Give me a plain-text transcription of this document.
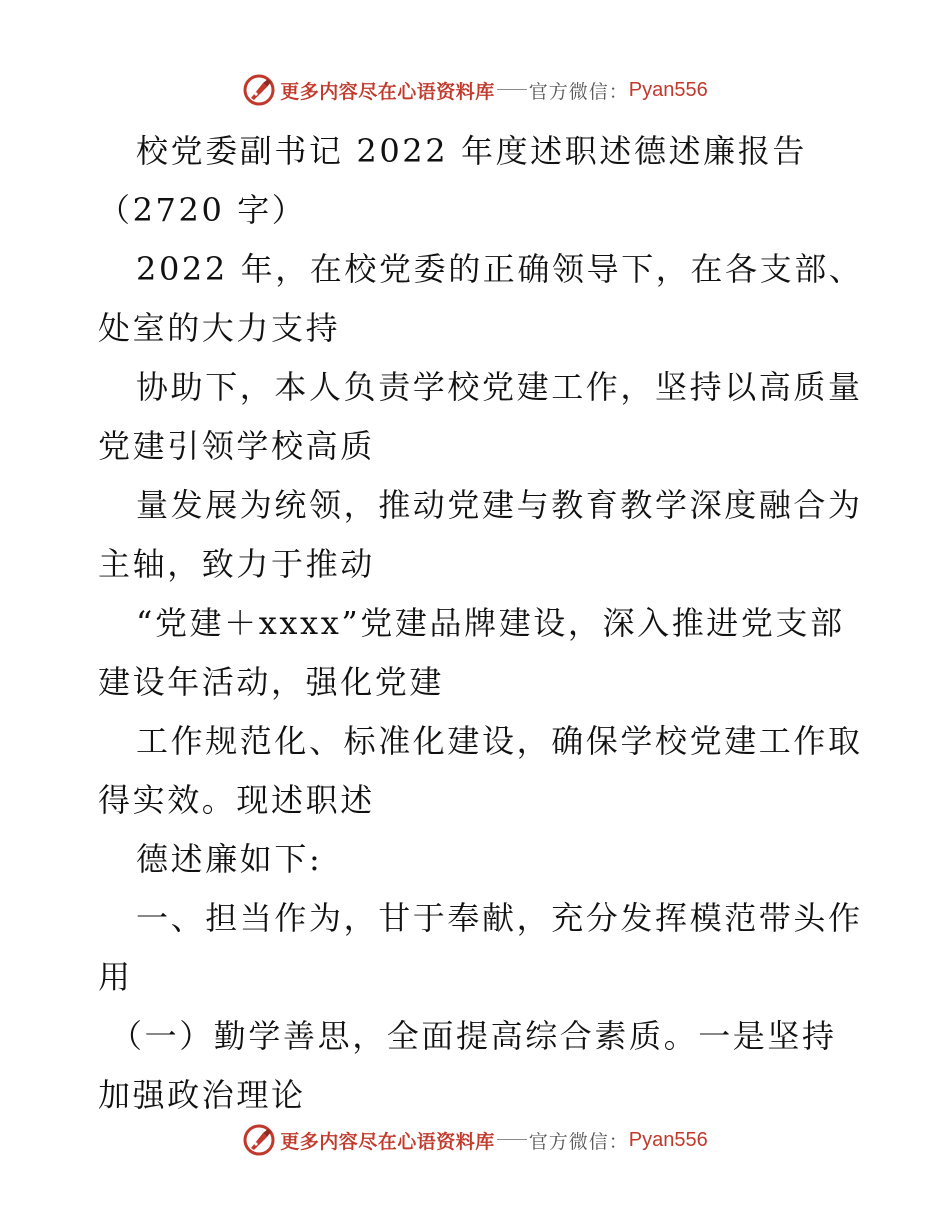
更多内容尽在心语资料库 官方微信： Pyan556
校党委副书记 2022 年度述职述德述廉报告
（2720 字）
2022 年，在校党委的正确领导下，在各支部、
处室的大力支持
协助下，本人负责学校党建工作，坚持以高质量
党建引领学校高质
量发展为统领，推动党建与教育教学深度融合为
主轴，致力于推动
“党建＋xxxx”党建品牌建设，深入推进党支部
建设年活动，强化党建
工作规范化、标准化建设，确保学校党建工作取
得实效。现述职述
德述廉如下:
一、担当作为，甘于奉献，充分发挥模范带头作
用
（一）勤学善思，全面提高综合素质。一是坚持
加强政治理论
更多内容尽在心语资料库 官方微信： Pyan556
